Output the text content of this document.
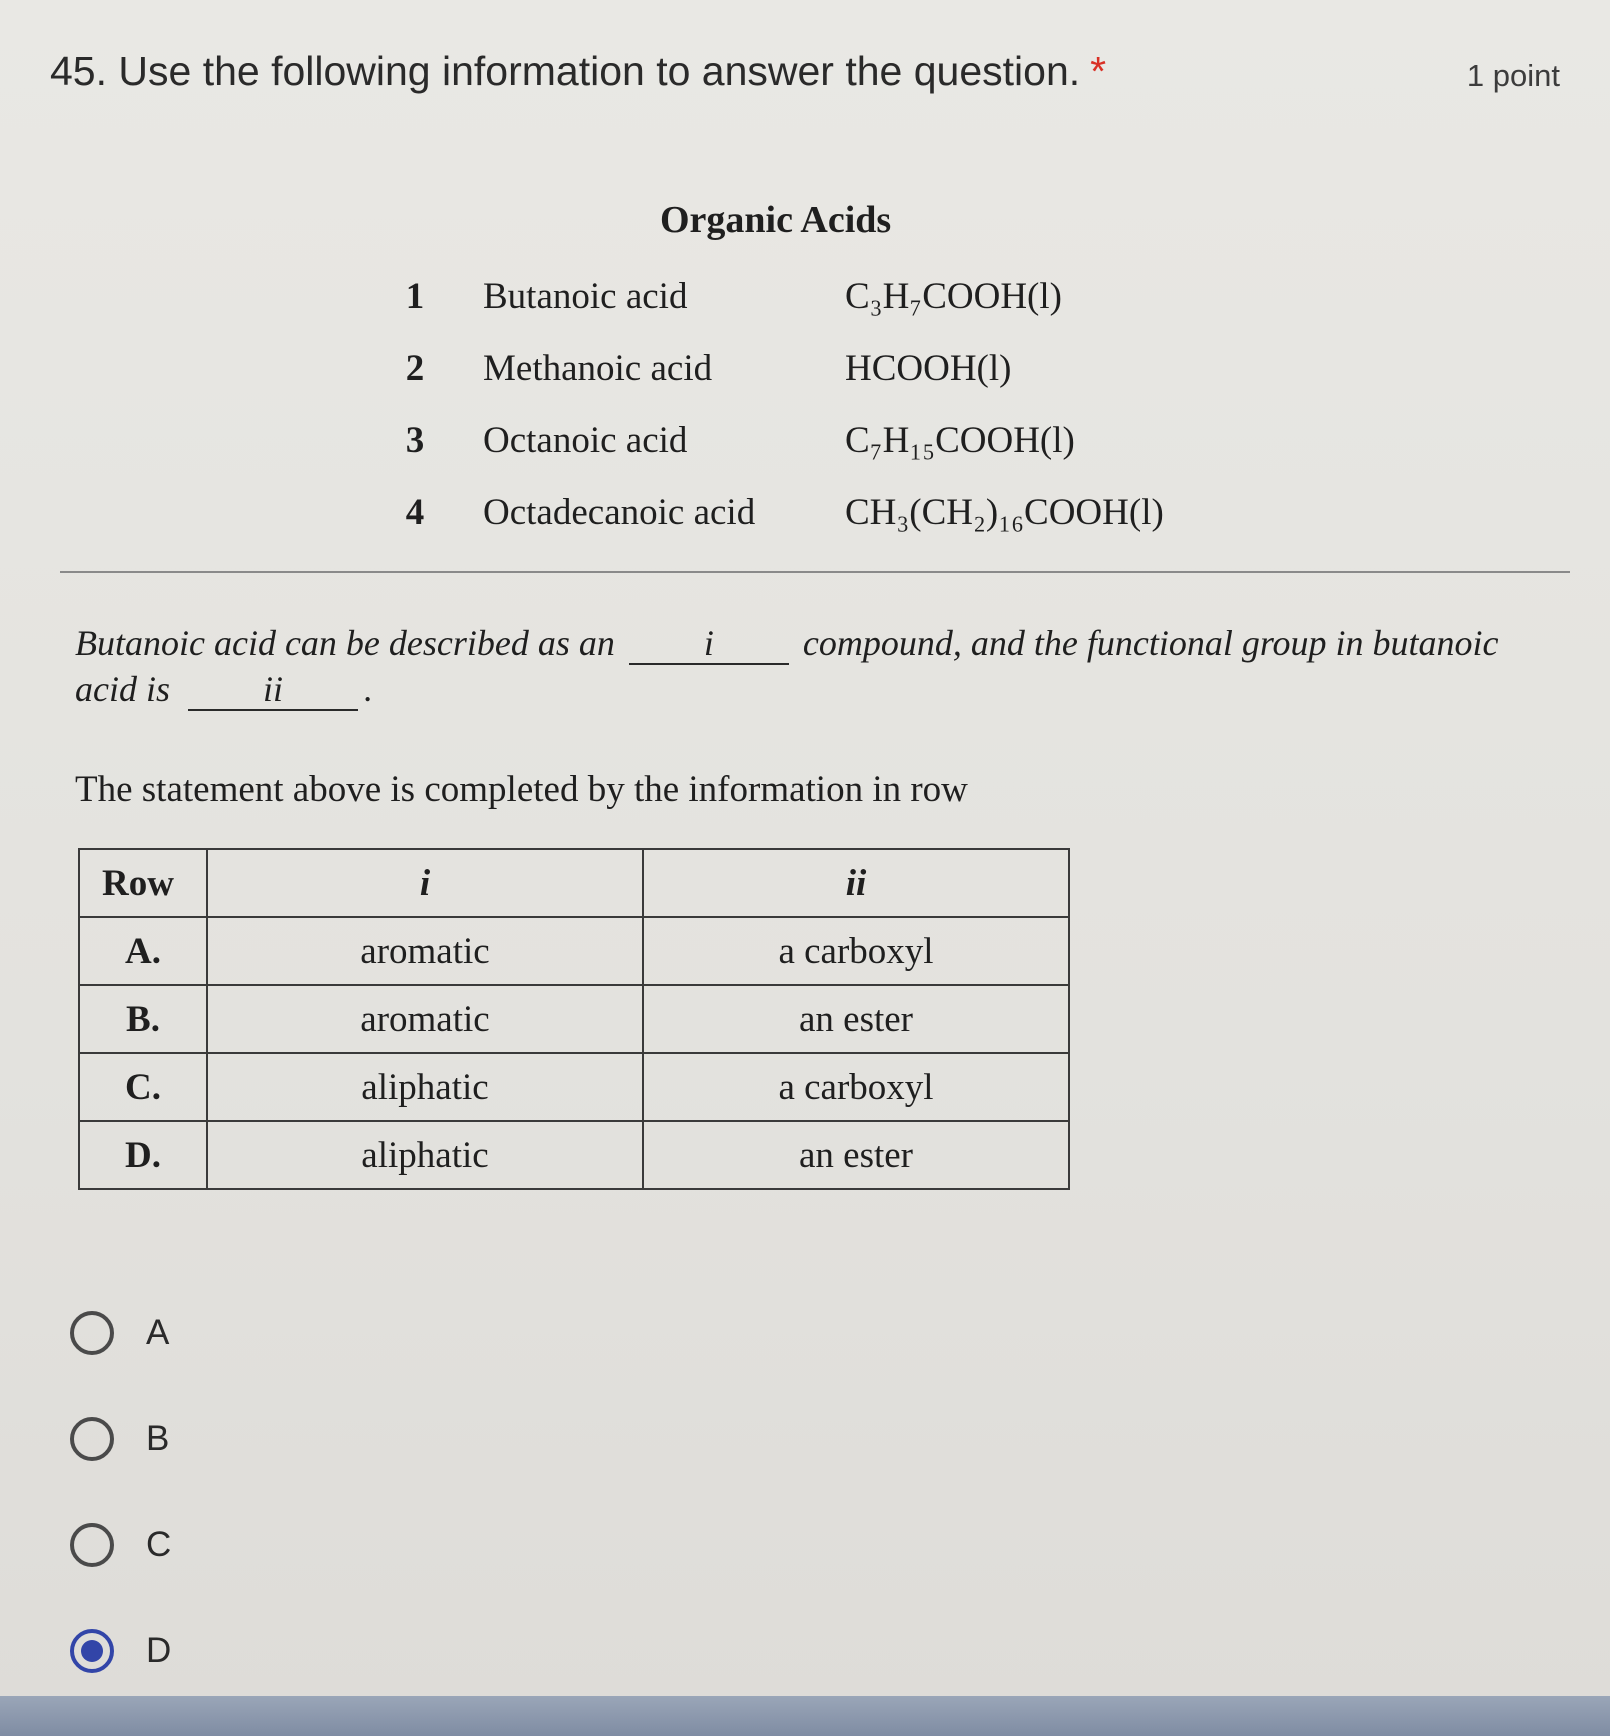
45. Use the following information to answer the question. *	1 point
Organic Acids
1 Butanoic acid	C₃H₇COOH(l)
2 Methanoic acid	HCOOH(l)
3 Octanoic acid	C₇H₁₅COOH(l)
4 Octadecanoic acid CH₃(CH₂)₁₆COOH(l)
Butanoic acid can be described as an i compound, and the functional group in butanoic acid is	ii .
The statement above is completed by the information in row
Row	i	ii
A.	aromatic	a carboxyl
B.	aromatic	an ester
C.	aliphatic	a carboxyl
D.	aliphatic	an ester
A
B
C
D
